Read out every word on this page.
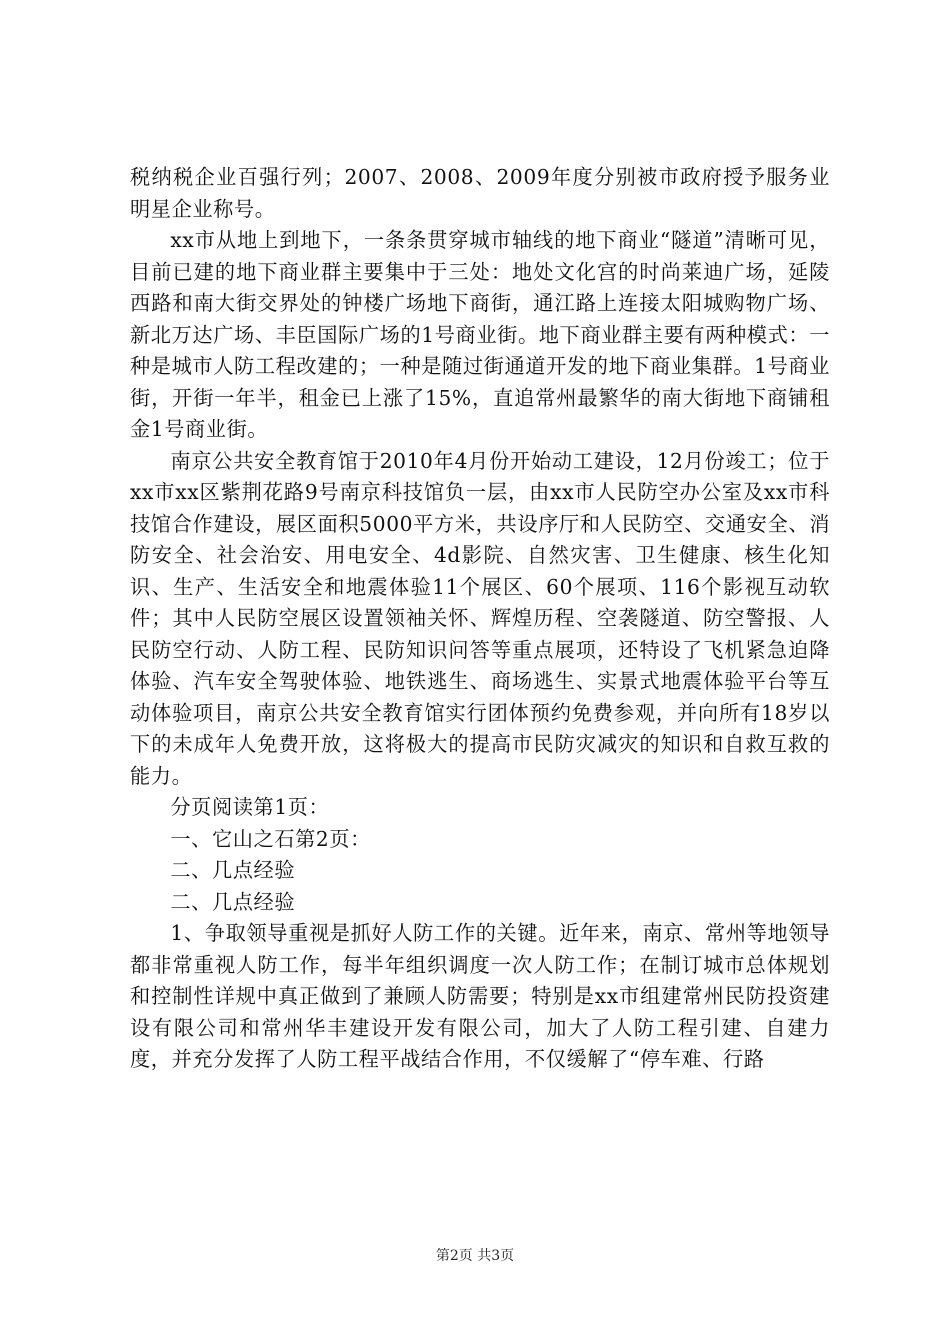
税纳税企业百强行列；2007、2008、2009年度分别被市政府授予服务业明星企业称号。

xx市从地上到地下，一条条贯穿城市轴线的地下商业“隧道”清晰可见，目前已建的地下商业群主要集中于三处：地处文化宫的时尚莱迪广场，延陵西路和南大街交界处的钟楼广场地下商街，通江路上连接太阳城购物广场、新北万达广场、丰臣国际广场的1号商业街。地下商业群主要有两种模式：一种是城市人防工程改建的；一种是随过街通道开发的地下商业集群。1号商业街，开街一年半，租金已上涨了15%，直追常州最繁华的南大街地下商铺租金1号商业街。

南京公共安全教育馆于2010年4月份开始动工建设，12月份竣工；位于xx市xx区紫荆花路9号南京科技馆负一层，由xx市人民防空办公室及xx市科技馆合作建设，展区面积5000平方米，共设序厅和人民防空、交通安全、消防安全、社会治安、用电安全、4d影院、自然灾害、卫生健康、核生化知识、生产、生活安全和地震体验11个展区、60个展项、116个影视互动软件；其中人民防空展区设置领袖关怀、辉煌历程、空袭隧道、防空警报、人民防空行动、人防工程、民防知识问答等重点展项，还特设了飞机紧急迫降体验、汽车安全驾驶体验、地铁逃生、商场逃生、实景式地震体验平台等互动体验项目，南京公共安全教育馆实行团体预约免费参观，并向所有18岁以下的未成年人免费开放，这将极大的提高市民防灾减灾的知识和自救互救的能力。

分页阅读第1页：

一、它山之石第2页：

二、几点经验

二、几点经验

1、争取领导重视是抓好人防工作的关键。近年来，南京、常州等地领导都非常重视人防工作，每半年组织调度一次人防工作；在制订城市总体规划和控制性详规中真正做到了兼顾人防需要；特别是xx市组建常州民防投资建设有限公司和常州华丰建设开发有限公司，加大了人防工程引建、自建力度，并充分发挥了人防工程平战结合作用，不仅缓解了“停车难、行路

第2页 共3页
